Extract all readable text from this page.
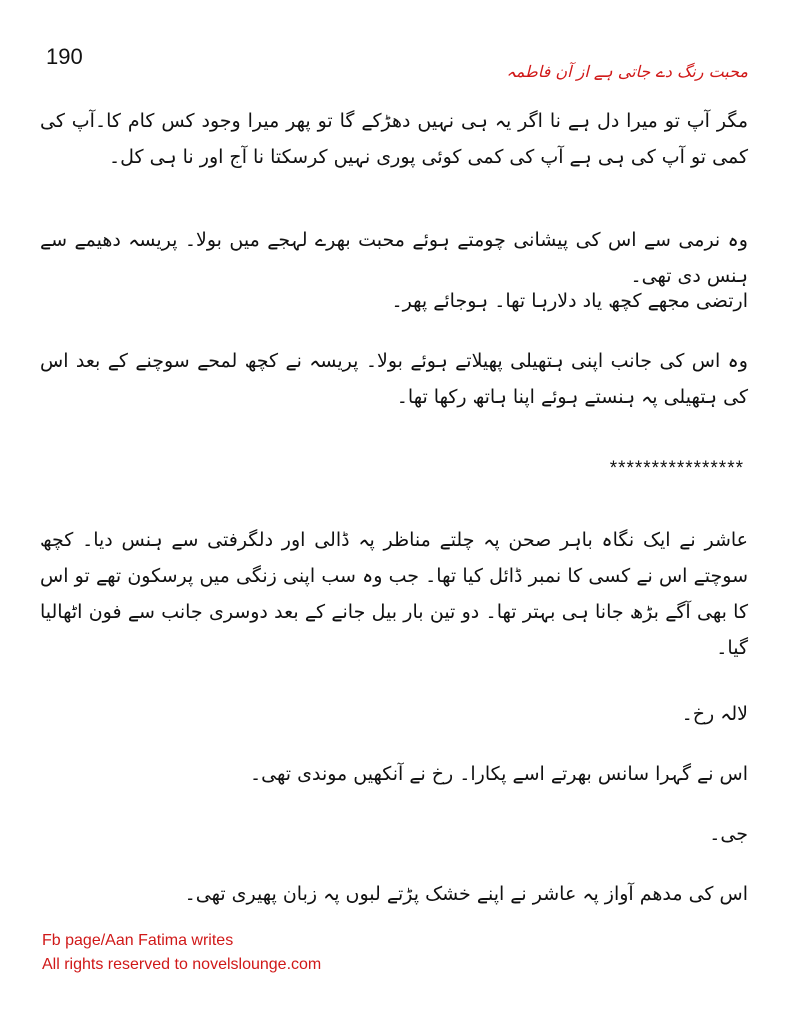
190
محبت رنگ دے جاتی ہے از آن فاطمہ
مگر آپ تو میرا دل ہے نا اگر یہ ہی نہیں دھڑکے گا تو پھر میرا وجود کس کام کا۔آپ کی کمی تو آپ کی ہی ہے آپ کی کمی کوئی پوری نہیں کرسکتا نا آج اور نا ہی کل۔
وہ نرمی سے اس کی پیشانی چومتے ہوئے محبت بھرے لہجے میں بولا۔ پریسہ دھیمے سے ہنس دی تھی۔
ارتضی مجھے کچھ یاد دلارہا تھا۔ ہوجائے پھر۔
وہ اس کی جانب اپنی ہتھیلی پھیلاتے ہوئے بولا۔ پریسہ نے کچھ لمحے سوچنے کے بعد اس کی ہتھیلی پہ ہنستے ہوئے اپنا ہاتھ رکھا تھا۔
****************
عاشر نے ایک نگاہ باہر صحن پہ چلتے مناظر پہ ڈالی اور دلگرفتی سے ہنس دیا۔ کچھ سوچتے اس نے کسی کا نمبر ڈائل کیا تھا۔ جب وہ سب اپنی زنگی میں پرسکون تھے تو اس کا بھی آگے بڑھ جانا ہی بہتر تھا۔ دو تین بار بیل جانے کے بعد دوسری جانب سے فون اٹھالیا گیا۔
لالہ رخ۔
اس نے گہرا سانس بھرتے اسے پکارا۔ رخ نے آنکھیں موندی تھی۔
جی۔
اس کی مدھم آواز پہ عاشر نے اپنے خشک پڑتے لبوں پہ زبان پھیری تھی۔
Fb page/Aan Fatima writes
All rights reserved to novelslounge.com
